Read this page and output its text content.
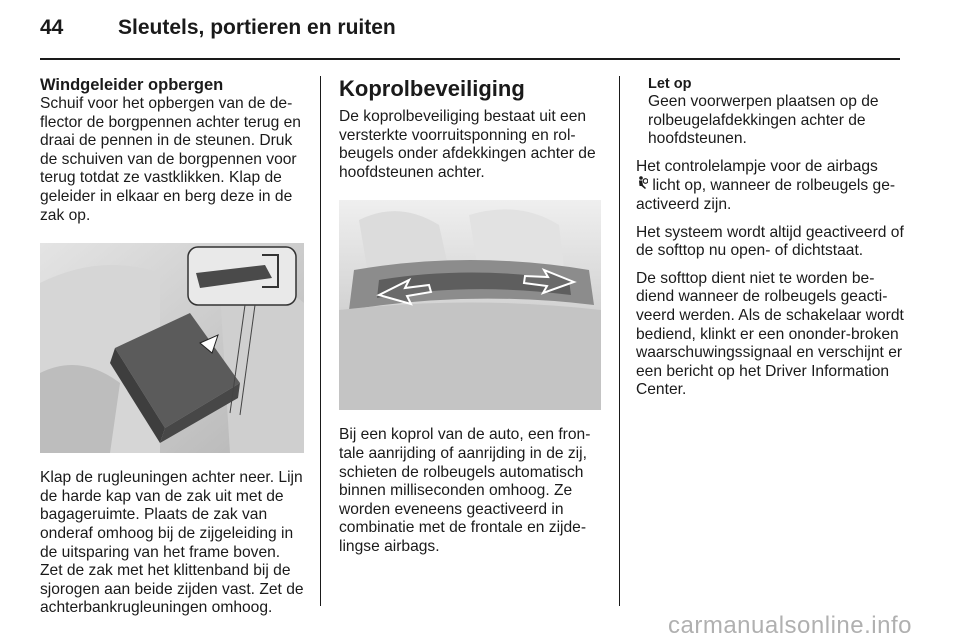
44	Sleutels, portieren en ruiten
Windgeleider opbergen

Schuif voor het opbergen van de de-flector de borgpennen achter terug en draai de pennen in de steunen. Druk de schuiven van de borgpennen voor terug totdat ze vastklikken. Klap de geleider in elkaar en berg deze in de zak op.

Klap de rugleuningen achter neer. Lijn de harde kap van de zak uit met de bagageruimte. Plaats de zak van onderaf omhoog bij de zijgeleiding in de uitsparing van het frame boven. Zet de zak met het klittenband bij de sjorogen aan beide zijden vast. Zet de achterbankrugleuningen omhoog.

Koprolbeveiliging

De koprolbeveiliging bestaat uit een versterkte voorruitsponning en rol-beugels onder afdekkingen achter de hoofdsteunen achter.

Bij een koprol van de auto, een fron-tale aanrijding of aanrijding in de zij, schieten de rolbeugels automatisch binnen milliseconden omhoog. Ze worden eveneens geactiveerd in combinatie met de frontale en zijde-lingse airbags.

Let op

Geen voorwerpen plaatsen op de rolbeugelafdekkingen achter de hoofdsteunen.

Het controlelampje voor de airbags
licht op, wanneer de rolbeugels ge-activeerd zijn.

Het systeem wordt altijd geactiveerd of de softtop nu open- of dichtstaat.

De softtop dient niet te worden be-diend wanneer de rolbeugels geacti-veerd werden. Als de schakelaar wordt bediend, klinkt er een ononder-broken waarschuwingssignaal en verschijnt er een bericht op het Driver Information Center.

carmanualsonline.info
